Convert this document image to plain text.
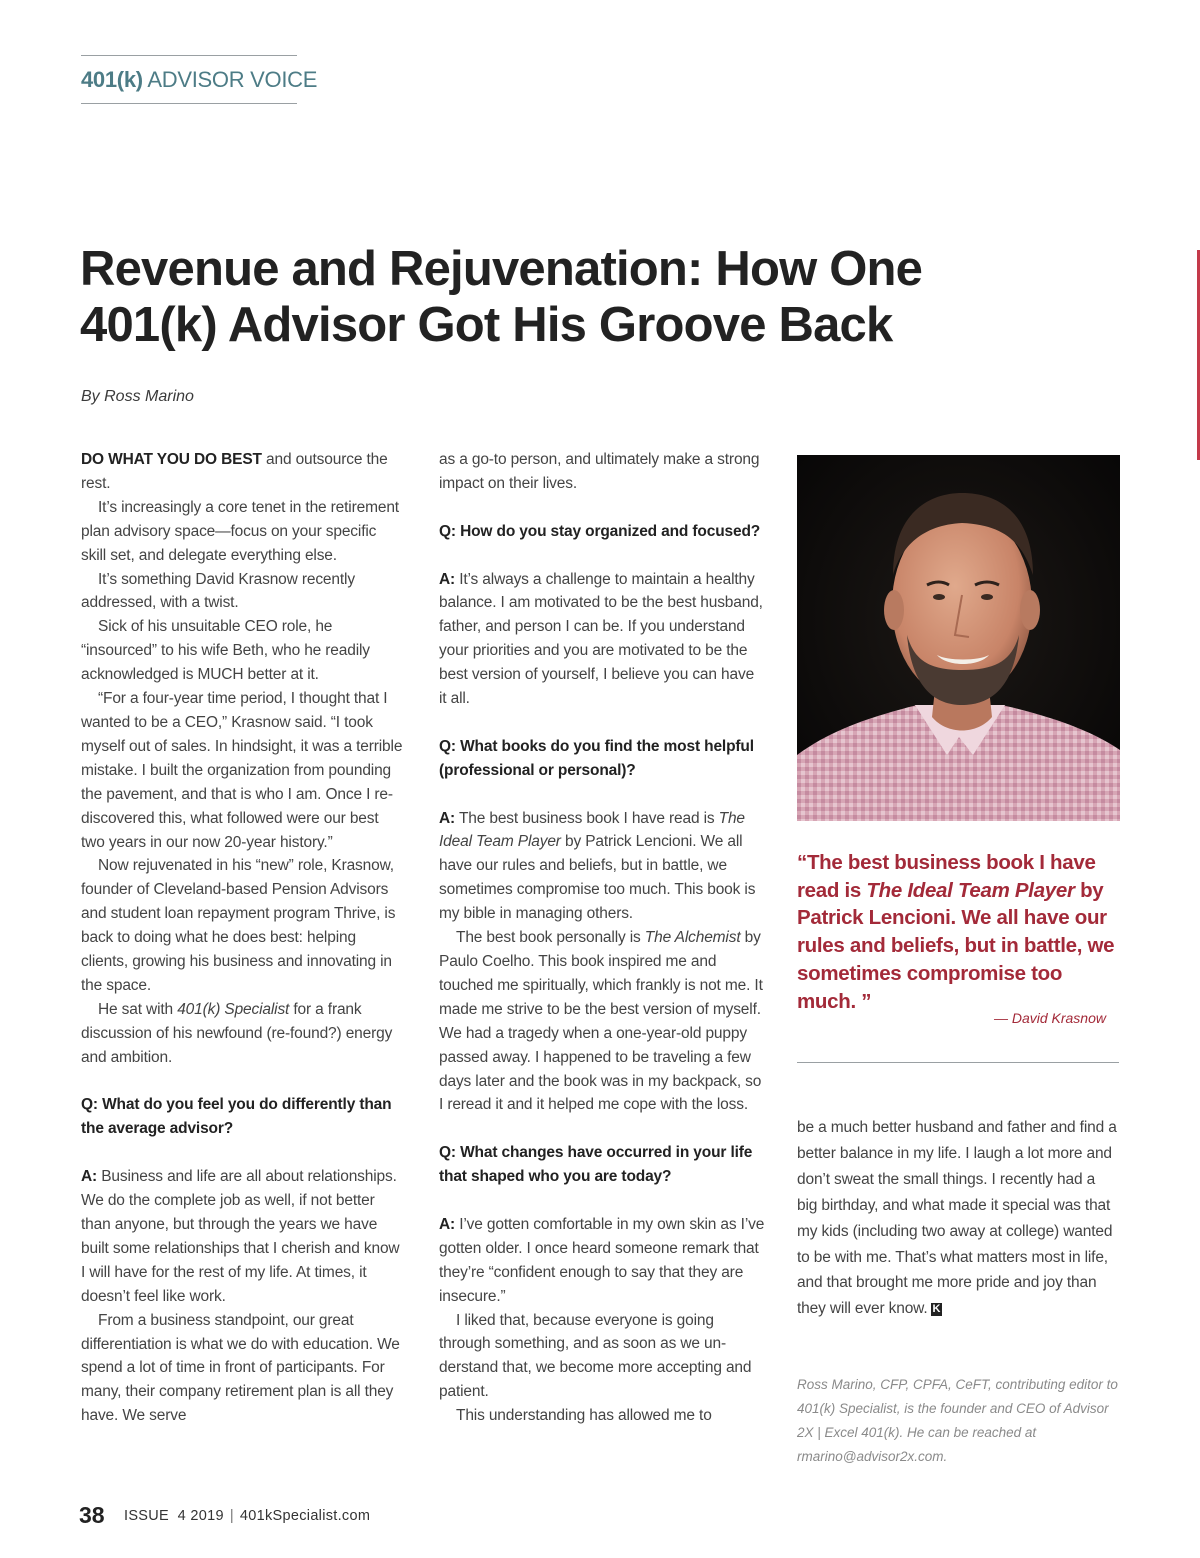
401(k) ADVISOR VOICE
Revenue and Rejuvenation: How One 401(k) Advisor Got His Groove Back
By Ross Marino

DO WHAT YOU DO BEST and outsource the rest.

It’s increasingly a core tenet in the retirement plan advisory space—focus on your specific skill set, and delegate everything else.

It’s something David Krasnow recently addressed, with a twist.

Sick of his unsuitable CEO role, he “insourced” to his wife Beth, who he readily acknowledged is MUCH better at it.

“For a four-year time period, I thought that I wanted to be a CEO,” Krasnow said. “I took myself out of sales. In hindsight, it was a terrible mistake. I built the organization from pounding the pavement, and that is who I am. Once I re-discovered this, what followed were our best two years in our now 20-year history.”

Now rejuvenated in his “new” role, Krasnow, founder of Cleveland-based Pension Advisors and student loan repayment program Thrive, is back to doing what he does best: helping clients, growing his business and innovating in the space.

He sat with 401(k) Specialist for a frank discussion of his newfound (re-found?) energy and ambition.

Q: What do you feel you do differently than the average advisor?

A: Business and life are all about relationships. We do the complete job as well, if not better than anyone, but through the years we have built some relationships that I cherish and know I will have for the rest of my life. At times, it doesn’t feel like work.

From a business standpoint, our great differentiation is what we do with education. We spend a lot of time in front of participants. For many, their company retirement plan is all they have. We serve

as a go-to person, and ultimately make a strong impact on their lives.

Q: How do you stay organized and focused?

A: It’s always a challenge to maintain a healthy balance. I am motivated to be the best husband, father, and person I can be. If you understand your priorities and you are motivated to be the best version of yourself, I believe you can have it all.

Q: What books do you find the most helpful (professional or personal)?

A: The best business book I have read is The Ideal Team Player by Patrick Lencioni. We all have our rules and beliefs, but in battle, we sometimes compromise too much. This book is my bible in managing others.

The best book personally is The Alchemist by Paulo Coelho. This book inspired me and touched me spiritually, which frankly is not me. It made me strive to be the best version of myself. We had a tragedy when a one-year-old puppy passed away. I happened to be traveling a few days later and the book was in my backpack, so I reread it and it helped me cope with the loss.

Q: What changes have occurred in your life that shaped who you are today?

A: I’ve gotten comfortable in my own skin as I’ve gotten older. I once heard someone remark that they’re “confident enough to say that they are insecure.”

I liked that, because everyone is going through something, and as soon as we understand that, we become more accepting and patient.

This understanding has allowed me to

“The best business book I have read is The Ideal Team Player by Patrick Lencioni. We all have our rules and beliefs, but in battle, we sometimes compromise too much. ”
— David Krasnow

be a much better husband and father and find a better balance in my life. I laugh a lot more and don’t sweat the small things. I recently had a big birthday, and what made it special was that my kids (including two away at college) wanted to be with me. That’s what matters most in life, and that brought me more pride and joy than they will ever know. K

Ross Marino, CFP, CPFA, CeFT, contributing editor to 401(k) Specialist, is the founder and CEO of Advisor 2X | Excel 401(k). He can be reached at rmarino@advisor2x.com.

38 ISSUE  4 2019 | 401kSpecialist.com
